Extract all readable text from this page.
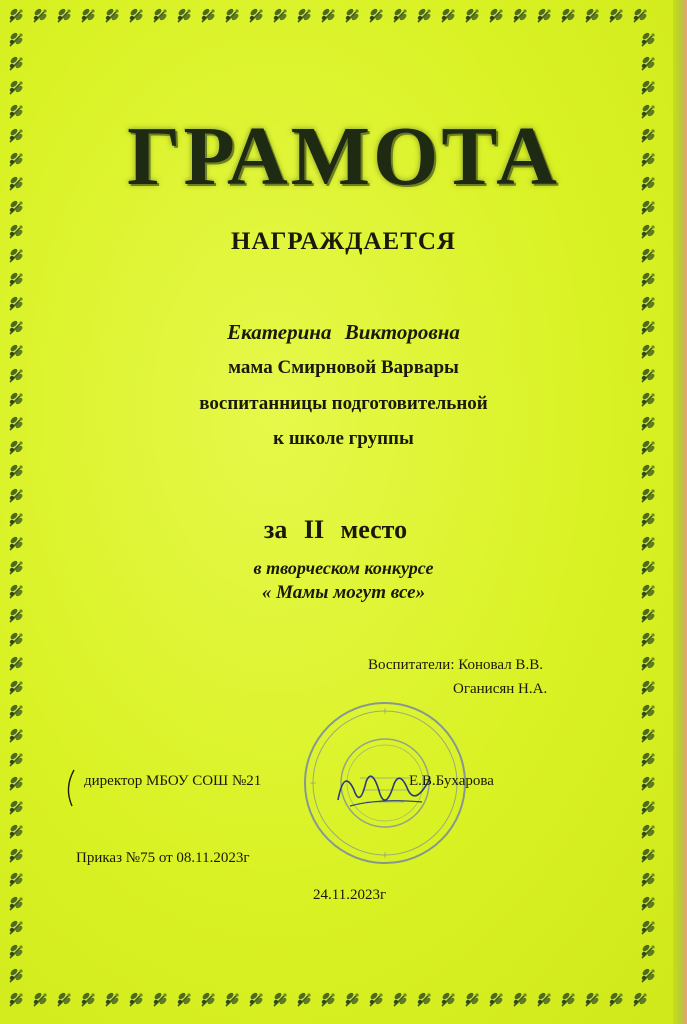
ГРАМОТА
НАГРАЖДАЕТСЯ
Екатерина Викторовна
мама Смирновой Варвары
воспитанницы подготовительной
к школе группы
за II место
в творческом конкурсе
« Мамы могут все»
Воспитатели: Коновал В.В.
Оганисян Н.А.
директор МБОУ СОШ №21	Е.В.Бухарова
Приказ №75 от 08.11.2023г
24.11.2023г
